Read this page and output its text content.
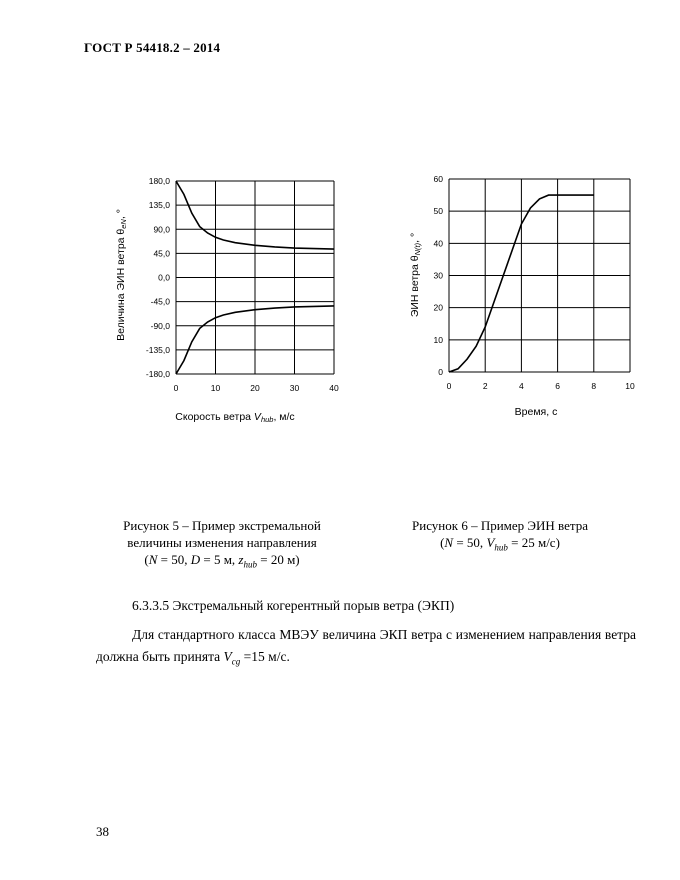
ГОСТ Р 54418.2 – 2014
180,0
135,0
90,0
45,0
0,0
-45,0
-90,0
-135,0
-180,0
0	10	20	30	40
Скорость ветра Vhub, м/с
Величина ЭИН ветра θeN, °
0
10
20
30
40
50
60
0	2	4	6	8	10
Время, с
ЭИН ветра θN(t), °
Рисунок 5 – Пример экстремальной
величины изменения направления
(N = 50, D = 5 м, $z_{hub} = 20$ м)
Рисунок 6 – Пример ЭИН ветра
(N = 50, $V_{hub} = 25$ м/с)
6.3.3.5 Экстремальный когерентный порыв ветра (ЭКП)
Для стандартного класса МВЭУ величина ЭКП ветра с изменением направления ветра должна быть принята $V_{cg} =15$ м/с.
38
